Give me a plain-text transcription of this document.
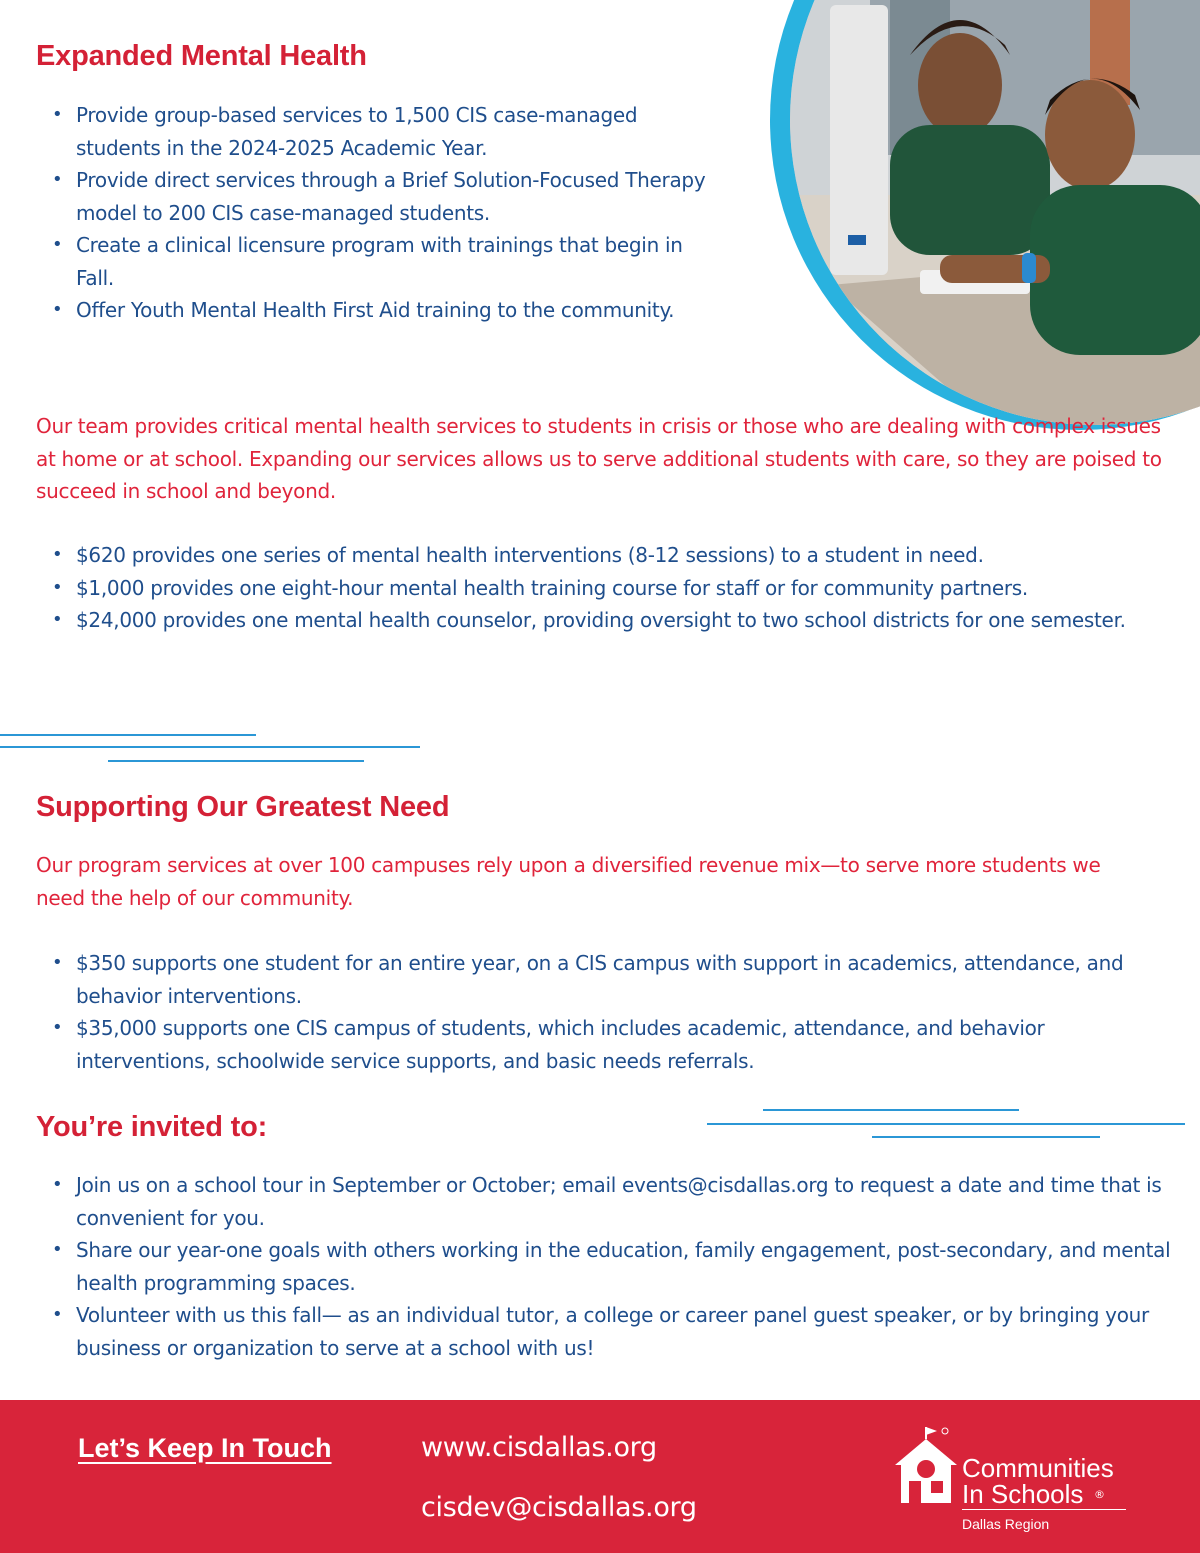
Expanded Mental Health
• Provide group-based services to 1,500 CIS case-managed students in the 2024-2025 Academic Year.
• Provide direct services through a Brief Solution-Focused Therapy model to 200 CIS case-managed students.
• Create a clinical licensure program with trainings that begin in Fall.
• Offer Youth Mental Health First Aid training to the community.
Our team provides critical mental health services to students in crisis or those who are dealing with complex issues at home or at school. Expanding our services allows us to serve additional students with care, so they are poised to succeed in school and beyond.
• $620 provides one series of mental health interventions (8-12 sessions) to a student in need.
• $1,000 provides one eight-hour mental health training course for staff or for community partners.
• $24,000 provides one mental health counselor, providing oversight to two school districts for one semester.
Supporting Our Greatest Need
Our program services at over 100 campuses rely upon a diversified revenue mix—to serve more students we need the help of our community.
• $350 supports one student for an entire year, on a CIS campus with support in academics, attendance, and behavior interventions.
• $35,000 supports one CIS campus of students, which includes academic, attendance, and behavior interventions, schoolwide service supports, and basic needs referrals.
You’re invited to:
• Join us on a school tour in September or October; email events@cisdallas.org to request a date and time that is convenient for you.
• Share our year-one goals with others working in the education, family engagement, post-secondary, and mental health programming spaces.
• Volunteer with us this fall— as an individual tutor, a college or career panel guest speaker, or by bringing your business or organization to serve at a school with us!
Let’s Keep In Touch	www.cisdallas.org
cisdev@cisdallas.org
Communities
In Schools ®
Dallas Region
